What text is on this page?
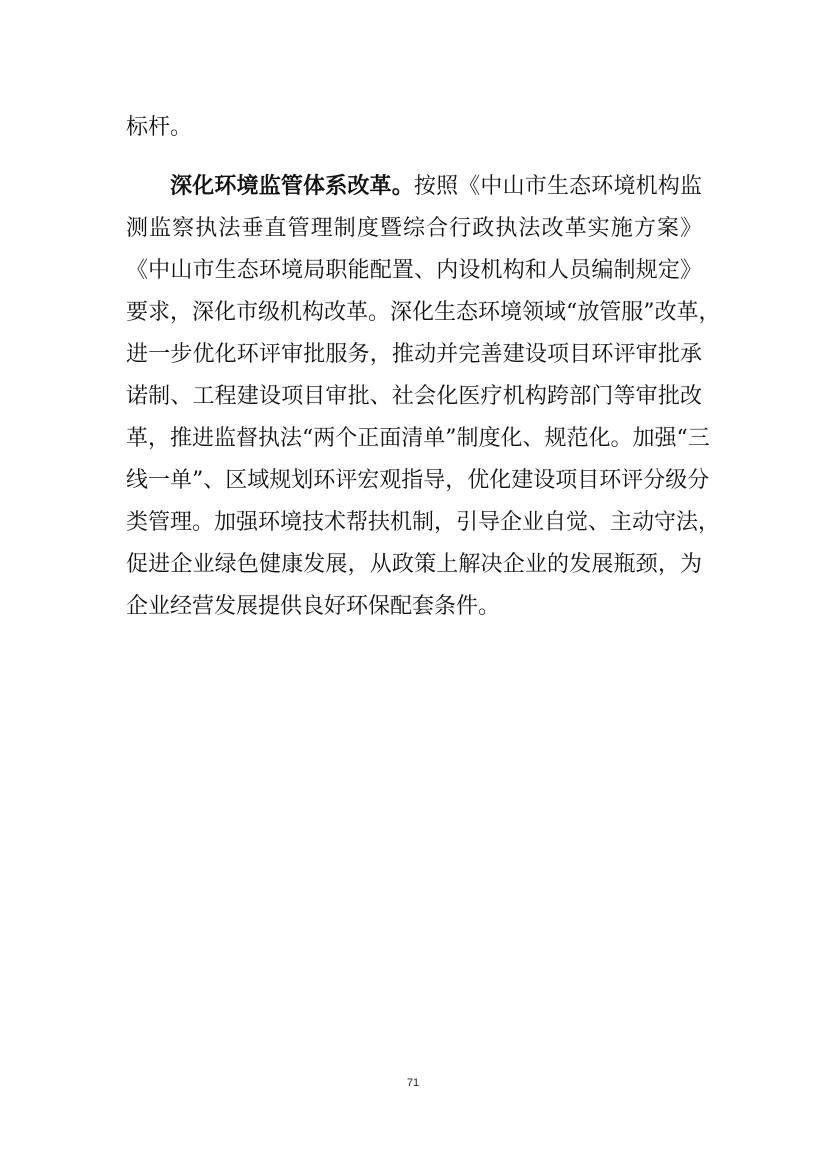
标杆。
深化环境监管体系改革。按照《中山市生态环境机构监
测监察执法垂直管理制度暨综合行政执法改革实施方案》
《中山市生态环境局职能配置、内设机构和人员编制规定》
要求，深化市级机构改革。深化生态环境领域“放管服”改革，
进一步优化环评审批服务，推动并完善建设项目环评审批承
诺制、工程建设项目审批、社会化医疗机构跨部门等审批改
革，推进监督执法“两个正面清单”制度化、规范化。加强“三
线一单”、区域规划环评宏观指导，优化建设项目环评分级分
类管理。加强环境技术帮扶机制，引导企业自觉、主动守法，
促进企业绿色健康发展，从政策上解决企业的发展瓶颈，为
企业经营发展提供良好环保配套条件。
71
